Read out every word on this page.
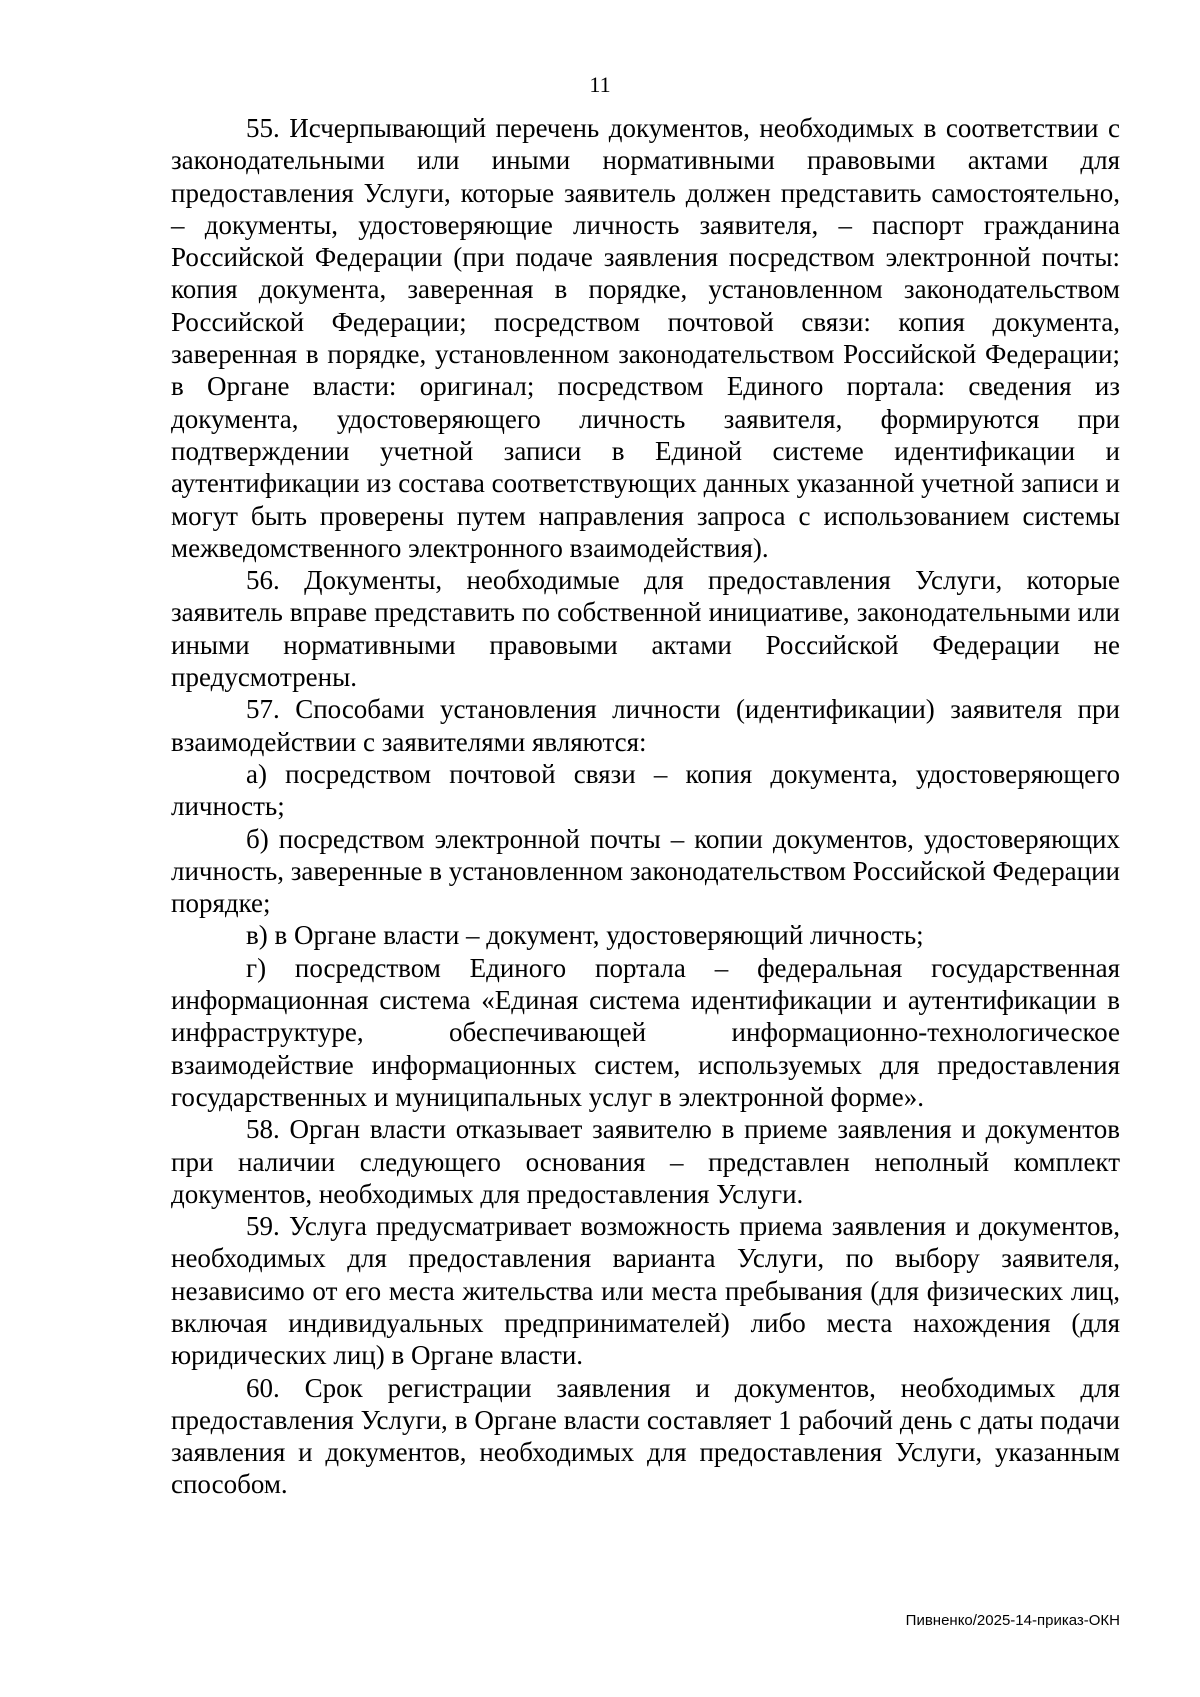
11

55. Исчерпывающий перечень документов, необходимых в соответствии с законодательными или иными нормативными правовыми актами для предоставления Услуги, которые заявитель должен представить самостоятельно, – документы, удостоверяющие личность заявителя, – паспорт гражданина Российской Федерации (при подаче заявления посредством электронной почты: копия документа, заверенная в порядке, установленном законодательством Российской Федерации; посредством почтовой связи: копия документа, заверенная в порядке, установленном законодательством Российской Федерации; в Органе власти: оригинал; посредством Единого портала: сведения из документа, удостоверяющего личность заявителя, формируются при подтверждении учетной записи в Единой системе идентификации и аутентификации из состава соответствующих данных указанной учетной записи и могут быть проверены путем направления запроса с использованием системы межведомственного электронного взаимодействия).

56. Документы, необходимые для предоставления Услуги, которые заявитель вправе представить по собственной инициативе, законодательными или иными нормативными правовыми актами Российской Федерации не предусмотрены.

57. Способами установления личности (идентификации) заявителя при взаимодействии с заявителями являются:

а) посредством почтовой связи – копия документа, удостоверяющего личность;

б) посредством электронной почты – копии документов, удостоверяющих личность, заверенные в установленном законодательством Российской Федерации порядке;

в) в Органе власти – документ, удостоверяющий личность;

г) посредством Единого портала – федеральная государственная информационная система «Единая система идентификации и аутентификации в инфраструктуре, обеспечивающей информационно-технологическое взаимодействие информационных систем, используемых для предоставления государственных и муниципальных услуг в электронной форме».

58. Орган власти отказывает заявителю в приеме заявления и документов при наличии следующего основания – представлен неполный комплект документов, необходимых для предоставления Услуги.

59. Услуга предусматривает возможность приема заявления и документов, необходимых для предоставления варианта Услуги, по выбору заявителя, независимо от его места жительства или места пребывания (для физических лиц, включая индивидуальных предпринимателей) либо места нахождения (для юридических лиц) в Органе власти.

60. Срок регистрации заявления и документов, необходимых для предоставления Услуги, в Органе власти составляет 1 рабочий день с даты подачи заявления и документов, необходимых для предоставления Услуги, указанным способом.

Пивненко/2025-14-приказ-ОКН
